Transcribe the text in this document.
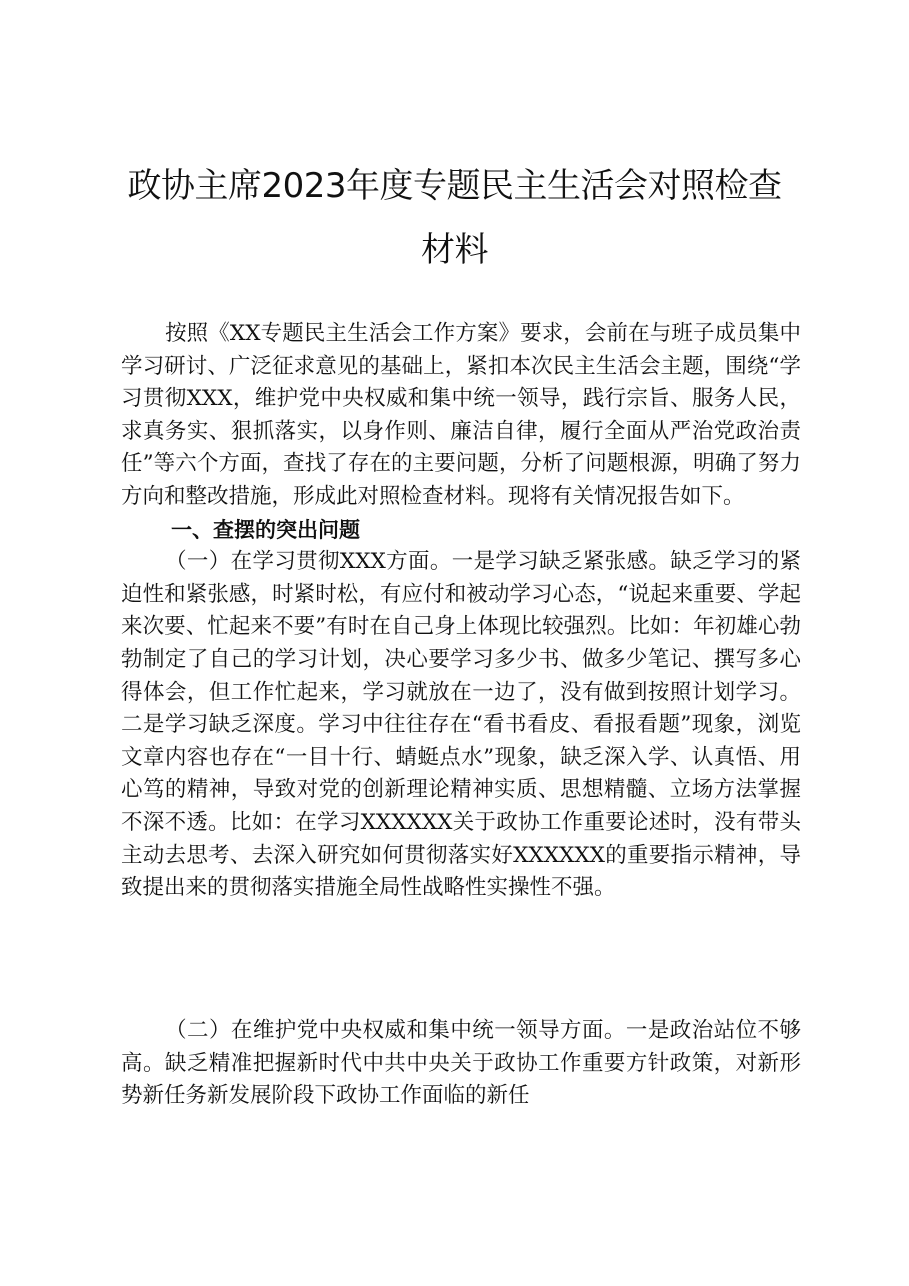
政协主席2023年度专题民主生活会对照检查
材料

按照《XX专题民主生活会工作方案》要求，会前在与班子成员集中学习研讨、广泛征求意见的基础上，紧扣本次民主生活会主题，围绕“学习贯彻XXX，维护党中央权威和集中统一领导，践行宗旨、服务人民，求真务实、狠抓落实，以身作则、廉洁自律，履行全面从严治党政治责任”等六个方面，查找了存在的主要问题，分析了问题根源，明确了努力方向和整改措施，形成此对照检查材料。现将有关情况报告如下。

一、查摆的突出问题

（一）在学习贯彻XXX方面。一是学习缺乏紧张感。缺乏学习的紧迫性和紧张感，时紧时松，有应付和被动学习心态，“说起来重要、学起来次要、忙起来不要”有时在自己身上体现比较强烈。比如：年初雄心勃勃制定了自己的学习计划，决心要学习多少书、做多少笔记、撰写多心得体会，但工作忙起来，学习就放在一边了，没有做到按照计划学习。二是学习缺乏深度。学习中往往存在“看书看皮、看报看题”现象，浏览文章内容也存在“一目十行、蜻蜓点水”现象，缺乏深入学、认真悟、用心笃的精神，导致对党的创新理论精神实质、思想精髓、立场方法掌握不深不透。比如：在学习XXXXXX关于政协工作重要论述时，没有带头主动去思考、去深入研究如何贯彻落实好XXXXXX的重要指示精神，导致提出来的贯彻落实措施全局性战略性实操性不强。

（二）在维护党中央权威和集中统一领导方面。一是政治站位不够高。缺乏精准把握新时代中共中央关于政协工作重要方针政策，对新形势新任务新发展阶段下政协工作面临的新任
